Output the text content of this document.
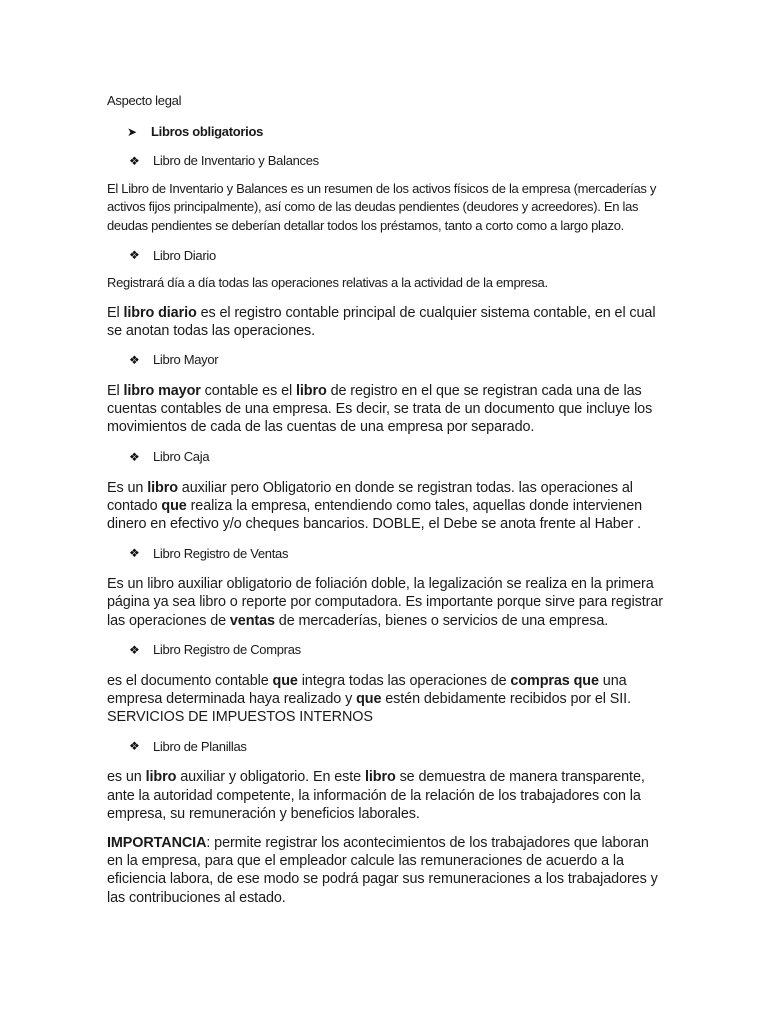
Aspecto legal

➤	Libros obligatorios
❖	Libro de Inventario y Balances

El Libro de Inventario y Balances es un resumen de los activos físicos de la empresa (mercaderías y activos fijos principalmente), así como de las deudas pendientes (deudores y acreedores). En las deudas pendientes se deberían detallar todos los préstamos, tanto a corto como a largo plazo.

❖	Libro Diario

Registrará día a día todas las operaciones relativas a la actividad de la empresa.

El libro diario es el registro contable principal de cualquier sistema contable, en el cual se anotan todas las operaciones.

❖	Libro Mayor

El libro mayor contable es el libro de registro en el que se registran cada una de las cuentas contables de una empresa. Es decir, se trata de un documento que incluye los movimientos de cada de las cuentas de una empresa por separado.

❖	Libro Caja

Es un libro auxiliar pero Obligatorio en donde se registran todas. las operaciones al contado que realiza la empresa, entendiendo como tales, aquellas donde intervienen dinero en efectivo y/o cheques bancarios. DOBLE, el Debe se anota frente al Haber .

❖	Libro Registro de Ventas

Es un libro auxiliar obligatorio de foliación doble, la legalización se realiza en la primera página ya sea libro o reporte por computadora. Es importante porque sirve para registrar las operaciones de ventas de mercaderías, bienes o servicios de una empresa.

❖	Libro Registro de Compras

es el documento contable que integra todas las operaciones de compras que una empresa determinada haya realizado y que estén debidamente recibidos por el SII. SERVICIOS DE IMPUESTOS INTERNOS

❖	Libro de Planillas

es un libro auxiliar y obligatorio. En este libro se demuestra de manera transparente, ante la autoridad competente, la información de la relación de los trabajadores con la empresa, su remuneración y beneficios laborales.

IMPORTANCIA: permite registrar los acontecimientos de los trabajadores que laboran en la empresa, para que el empleador calcule las remuneraciones de acuerdo a la eficiencia labora, de ese modo se podrá pagar sus remuneraciones a los trabajadores y las contribuciones al estado.
